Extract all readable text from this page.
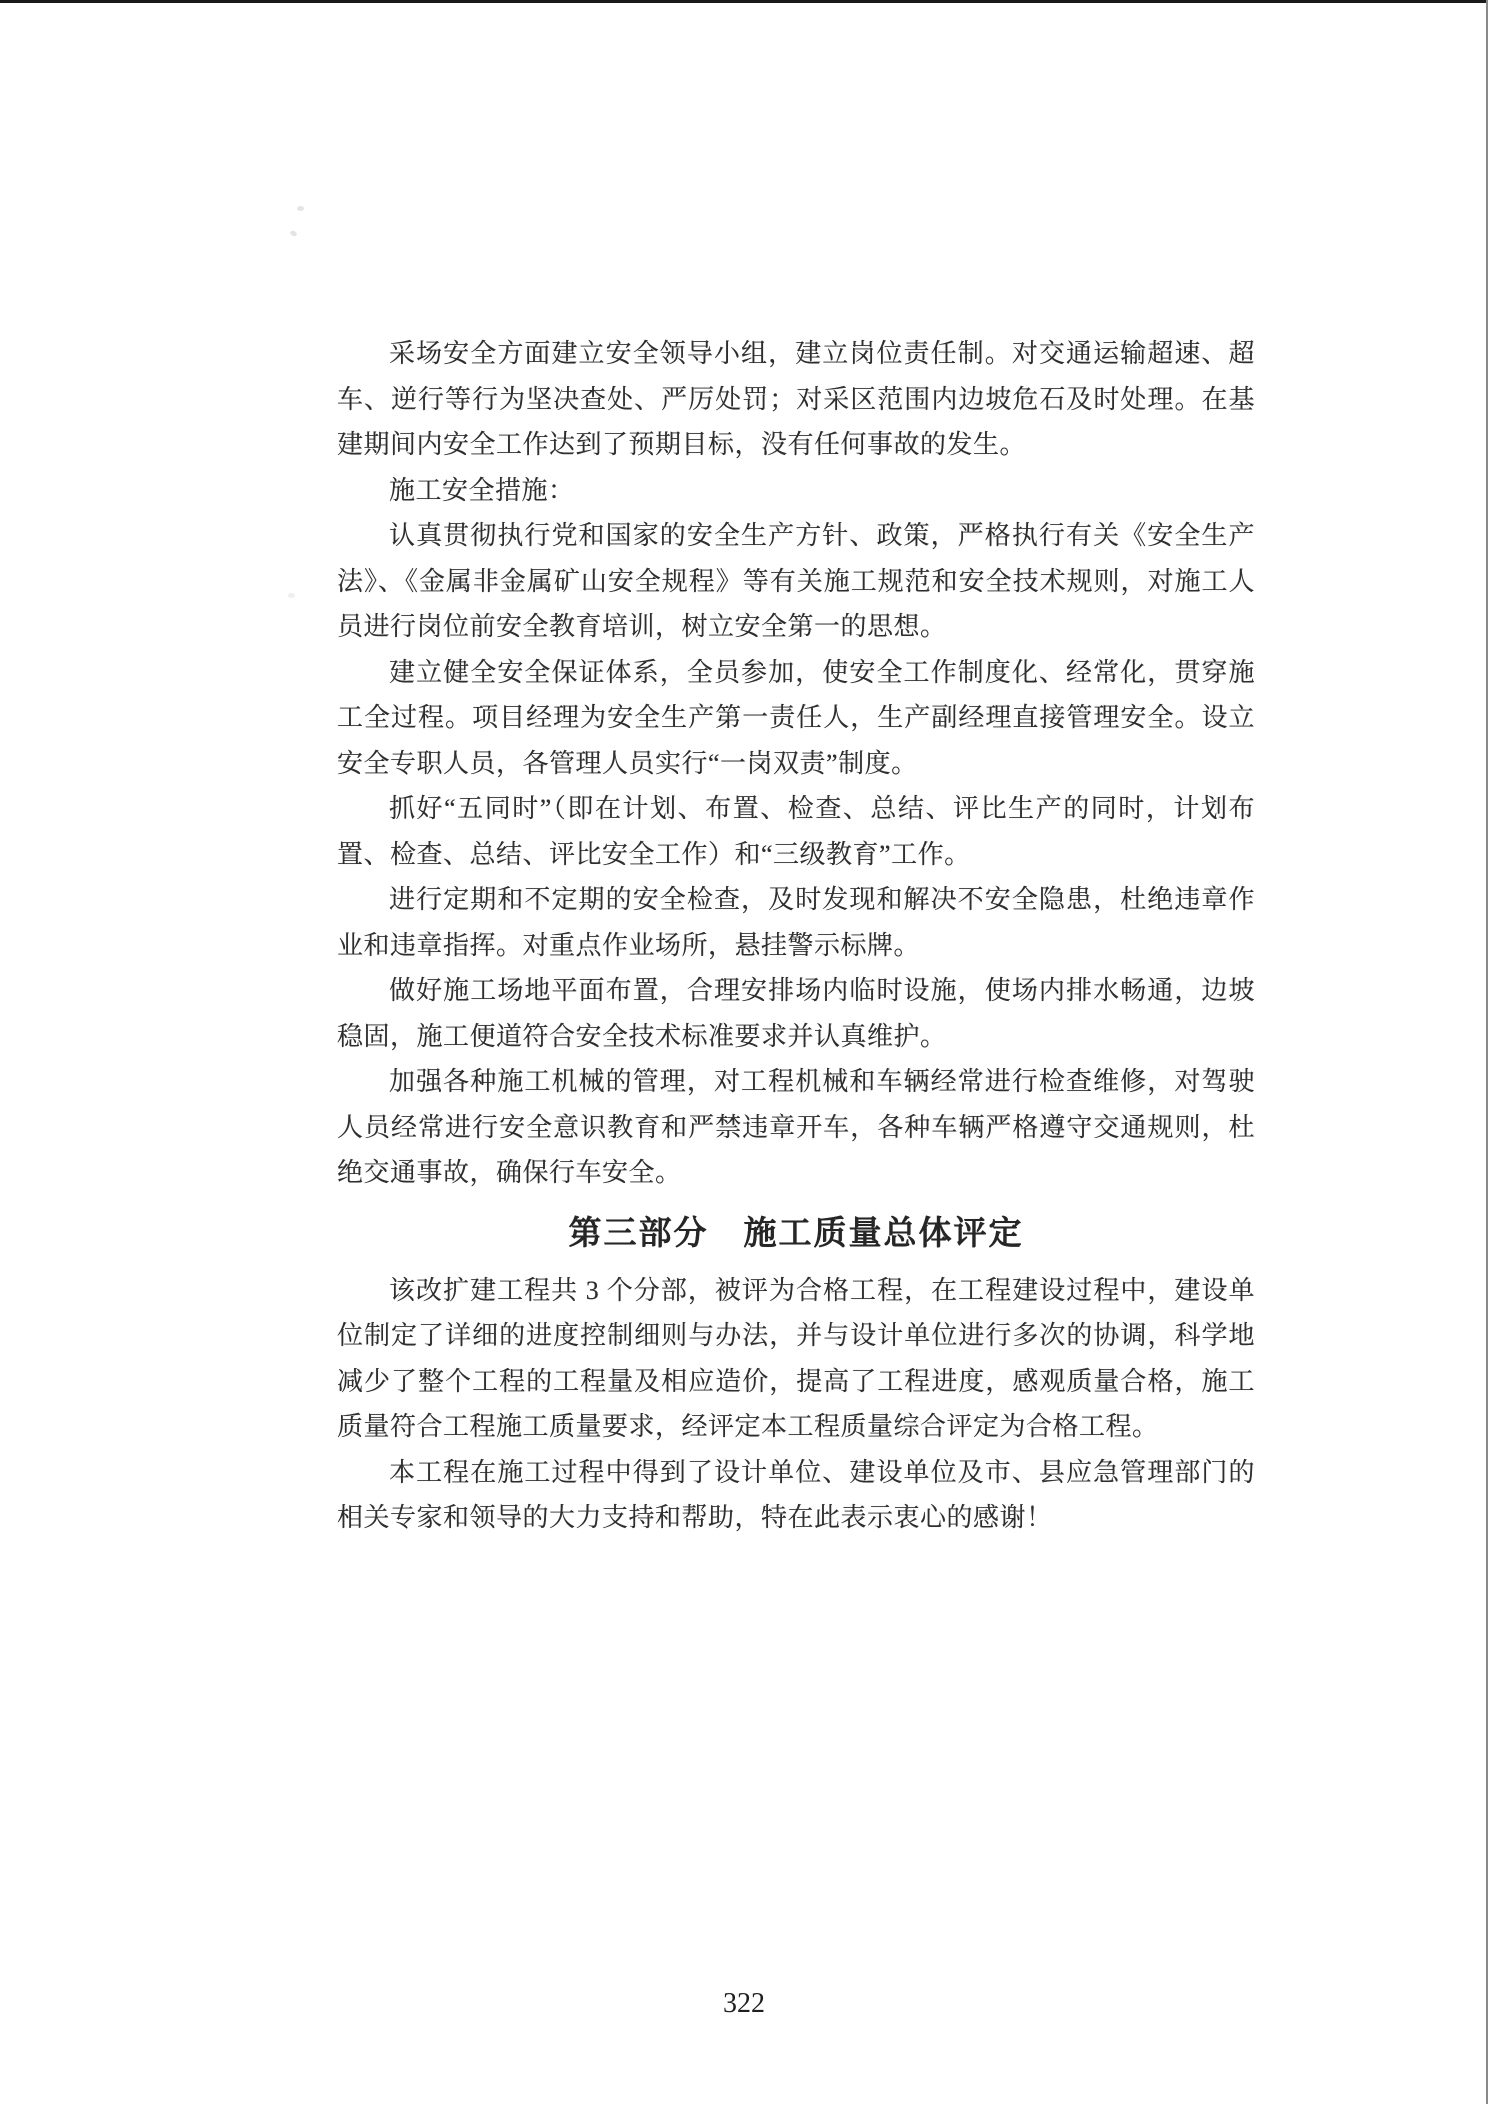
采场安全方面建立安全领导小组，建立岗位责任制。对交通运输超速、超车、逆行等行为坚决查处、严厉处罚；对采区范围内边坡危石及时处理。在基建期间内安全工作达到了预期目标，没有任何事故的发生。

施工安全措施：

认真贯彻执行党和国家的安全生产方针、政策，严格执行有关《安全生产法》、《金属非金属矿山安全规程》等有关施工规范和安全技术规则，对施工人员进行岗位前安全教育培训，树立安全第一的思想。

建立健全安全保证体系，全员参加，使安全工作制度化、经常化，贯穿施工全过程。项目经理为安全生产第一责任人，生产副经理直接管理安全。设立安全专职人员，各管理人员实行“一岗双责”制度。

抓好“五同时”（即在计划、布置、检查、总结、评比生产的同时，计划布置、检查、总结、评比安全工作）和“三级教育”工作。

进行定期和不定期的安全检查，及时发现和解决不安全隐患，杜绝违章作业和违章指挥。对重点作业场所，悬挂警示标牌。

做好施工场地平面布置，合理安排场内临时设施，使场内排水畅通，边坡稳固，施工便道符合安全技术标准要求并认真维护。

加强各种施工机械的管理，对工程机械和车辆经常进行检查维修，对驾驶人员经常进行安全意识教育和严禁违章开车，各种车辆严格遵守交通规则，杜绝交通事故，确保行车安全。

第三部分　施工质量总体评定

该改扩建工程共 3 个分部，被评为合格工程，在工程建设过程中，建设单位制定了详细的进度控制细则与办法，并与设计单位进行多次的协调，科学地减少了整个工程的工程量及相应造价，提高了工程进度，感观质量合格，施工质量符合工程施工质量要求，经评定本工程质量综合评定为合格工程。

本工程在施工过程中得到了设计单位、建设单位及市、县应急管理部门的相关专家和领导的大力支持和帮助，特在此表示衷心的感谢！

322
